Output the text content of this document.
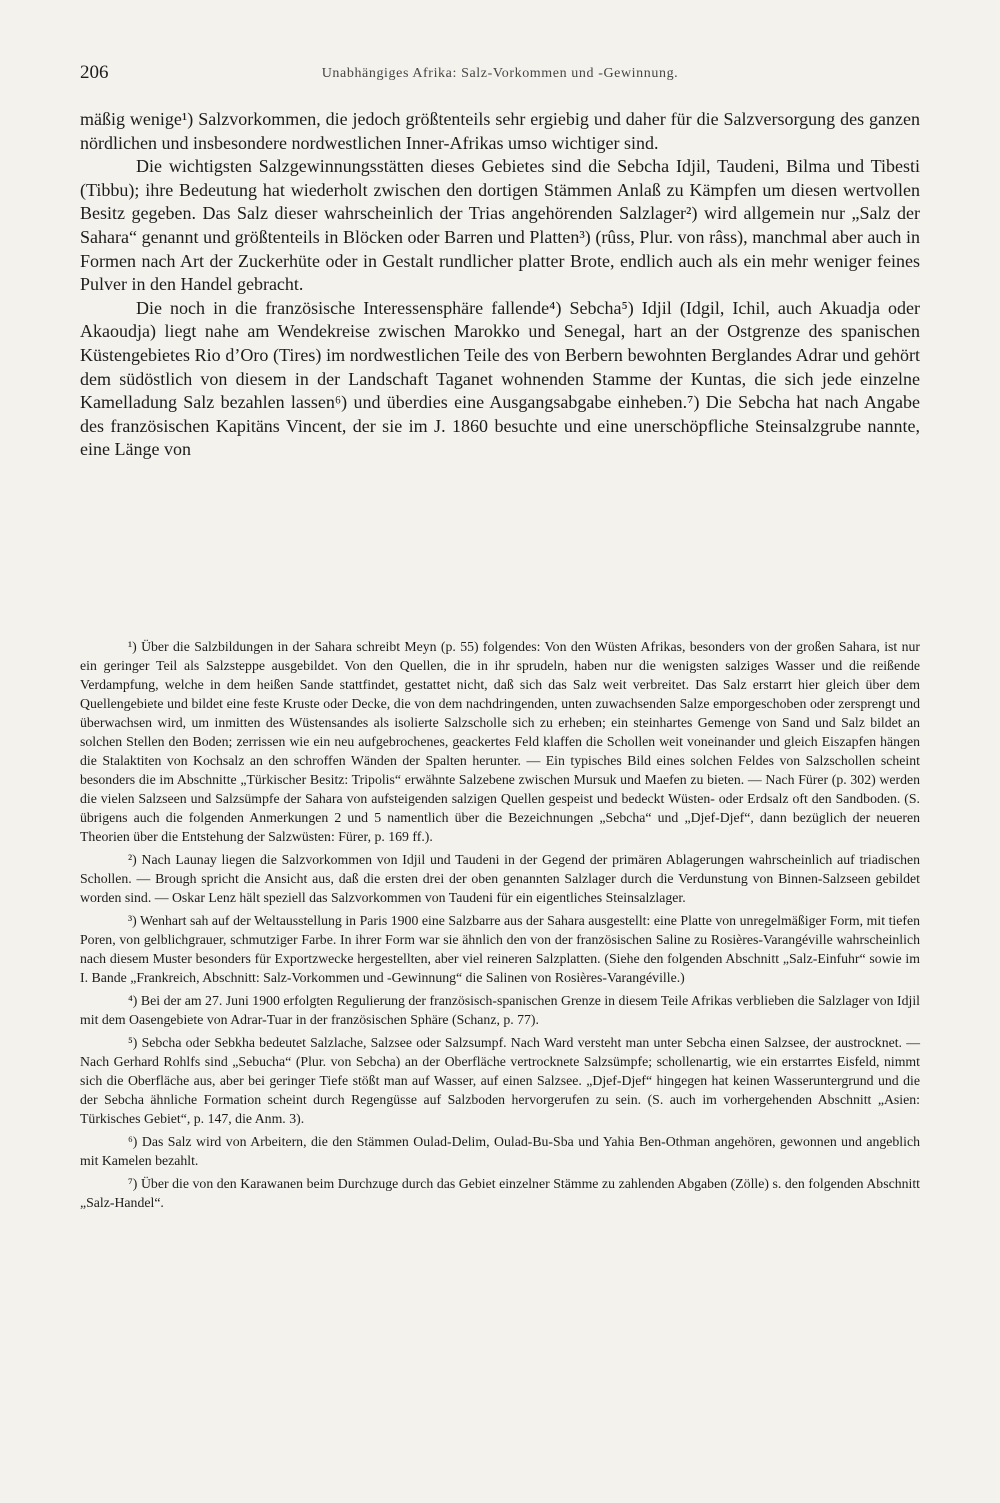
206	Unabhängiges Afrika: Salz-Vorkommen und -Gewinnung.

mäßig wenige¹) Salzvorkommen, die jedoch größtenteils sehr ergiebig und daher für die Salzversorgung des ganzen nördlichen und insbesondere nordwestlichen Inner-Afrikas umso wichtiger sind.

Die wichtigsten Salzgewinnungsstätten dieses Gebietes sind die Sebcha Idjil, Taudeni, Bilma und Tibesti (Tibbu); ihre Bedeutung hat wiederholt zwischen den dortigen Stämmen Anlaß zu Kämpfen um diesen wertvollen Besitz gegeben. Das Salz dieser wahrscheinlich der Trias angehörenden Salzlager²) wird allgemein nur „Salz der Sahara“ genannt und größtenteils in Blöcken oder Barren und Platten³) (rûss, Plur. von râss), manchmal aber auch in Formen nach Art der Zuckerhüte oder in Gestalt rundlicher platter Brote, endlich auch als ein mehr weniger feines Pulver in den Handel gebracht.

Die noch in die französische Interessensphäre fallende⁴) Sebcha⁵) Idjil (Idgil, Ichil, auch Akuadja oder Akaoudja) liegt nahe am Wendekreise zwischen Marokko und Senegal, hart an der Ostgrenze des spanischen Küstengebietes Rio d’Oro (Tires) im nordwestlichen Teile des von Berbern bewohnten Berglandes Adrar und gehört dem südöstlich von diesem in der Landschaft Taganet wohnenden Stamme der Kuntas, die sich jede einzelne Kamelladung Salz bezahlen lassen⁶) und überdies eine Ausgangsabgabe einheben.⁷) Die Sebcha hat nach Angabe des französischen Kapitäns Vincent, der sie im J. 1860 besuchte und eine unerschöpfliche Steinsalzgrube nannte, eine Länge von

¹) Über die Salzbildungen in der Sahara schreibt Meyn (p. 55) folgendes: Von den Wüsten Afrikas, besonders von der großen Sahara, ist nur ein geringer Teil als Salzsteppe ausgebildet. Von den Quellen, die in ihr sprudeln, haben nur die wenigsten salziges Wasser und die reißende Verdampfung, welche in dem heißen Sande stattfindet, gestattet nicht, daß sich das Salz weit verbreitet. Das Salz erstarrt hier gleich über dem Quellengebiete und bildet eine feste Kruste oder Decke, die von dem nachdringenden, unten zuwachsenden Salze emporgeschoben oder zersprengt und überwachsen wird, um inmitten des Wüstensandes als isolierte Salzscholle sich zu erheben; ein steinhartes Gemenge von Sand und Salz bildet an solchen Stellen den Boden; zerrissen wie ein neu aufgebrochenes, geackertes Feld klaffen die Schollen weit voneinander und gleich Eiszapfen hängen die Stalaktiten von Kochsalz an den schroffen Wänden der Spalten herunter. — Ein typisches Bild eines solchen Feldes von Salzschollen scheint besonders die im Abschnitte „Türkischer Besitz: Tripolis“ erwähnte Salzebene zwischen Mursuk und Maefen zu bieten. — Nach Fürer (p. 302) werden die vielen Salzseen und Salzsümpfe der Sahara von aufsteigenden salzigen Quellen gespeist und bedeckt Wüsten- oder Erdsalz oft den Sandboden. (S. übrigens auch die folgenden Anmerkungen 2 und 5 namentlich über die Bezeichnungen „Sebcha“ und „Djef-Djef“, dann bezüglich der neueren Theorien über die Entstehung der Salzwüsten: Fürer, p. 169 ff.).

²) Nach Launay liegen die Salzvorkommen von Idjil und Taudeni in der Gegend der primären Ablagerungen wahrscheinlich auf triadischen Schollen. — Brough spricht die Ansicht aus, daß die ersten drei der oben genannten Salzlager durch die Verdunstung von Binnen-Salzseen gebildet worden sind. — Oskar Lenz hält speziell das Salzvorkommen von Taudeni für ein eigentliches Steinsalzlager.

³) Wenhart sah auf der Weltausstellung in Paris 1900 eine Salzbarre aus der Sahara ausgestellt: eine Platte von unregelmäßiger Form, mit tiefen Poren, von gelblichgrauer, schmutziger Farbe. In ihrer Form war sie ähnlich den von der französischen Saline zu Rosières-Varangéville wahrscheinlich nach diesem Muster besonders für Exportzwecke hergestellten, aber viel reineren Salzplatten. (Siehe den folgenden Abschnitt „Salz-Einfuhr“ sowie im I. Bande „Frankreich, Abschnitt: Salz-Vorkommen und -Gewinnung“ die Salinen von Rosières-Varangéville.)

⁴) Bei der am 27. Juni 1900 erfolgten Regulierung der französisch-spanischen Grenze in diesem Teile Afrikas verblieben die Salzlager von Idjil mit dem Oasengebiete von Adrar-Tuar in der französischen Sphäre (Schanz, p. 77).

⁵) Sebcha oder Sebkha bedeutet Salzlache, Salzsee oder Salzsumpf. Nach Ward versteht man unter Sebcha einen Salzsee, der austrocknet. — Nach Gerhard Rohlfs sind „Sebucha“ (Plur. von Sebcha) an der Oberfläche vertrocknete Salzsümpfe; schollenartig, wie ein erstarrtes Eisfeld, nimmt sich die Oberfläche aus, aber bei geringer Tiefe stößt man auf Wasser, auf einen Salzsee. „Djef-Djef“ hingegen hat keinen Wasseruntergrund und die der Sebcha ähnliche Formation scheint durch Regengüsse auf Salzboden hervorgerufen zu sein. (S. auch im vorhergehenden Abschnitt „Asien: Türkisches Gebiet“, p. 147, die Anm. 3).

⁶) Das Salz wird von Arbeitern, die den Stämmen Oulad-Delim, Oulad-Bu-Sba und Yahia Ben-Othman angehören, gewonnen und angeblich mit Kamelen bezahlt.

⁷) Über die von den Karawanen beim Durchzuge durch das Gebiet einzelner Stämme zu zahlenden Abgaben (Zölle) s. den folgenden Abschnitt „Salz-Handel“.
